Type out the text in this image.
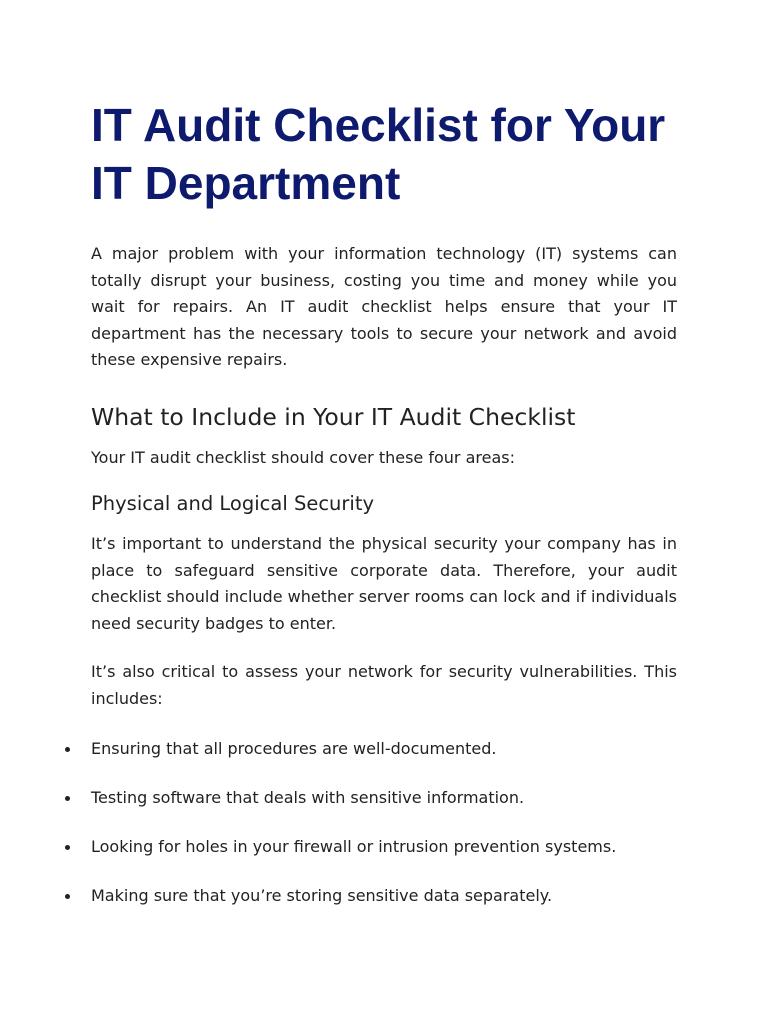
IT Audit Checklist for Your IT Department

A major problem with your information technology (IT) systems can totally disrupt your business, costing you time and money while you wait for repairs. An IT audit checklist helps ensure that your IT department has the necessary tools to secure your network and avoid these expensive repairs.

What to Include in Your IT Audit Checklist

Your IT audit checklist should cover these four areas:

Physical and Logical Security

It’s important to understand the physical security your company has in place to safeguard sensitive corporate data. Therefore, your audit checklist should include whether server rooms can lock and if individuals need security badges to enter.

It’s also critical to assess your network for security vulnerabilities. This includes:

Ensuring that all procedures are well-documented.
Testing software that deals with sensitive information.
Looking for holes in your firewall or intrusion prevention systems.
Making sure that you’re storing sensitive data separately.
